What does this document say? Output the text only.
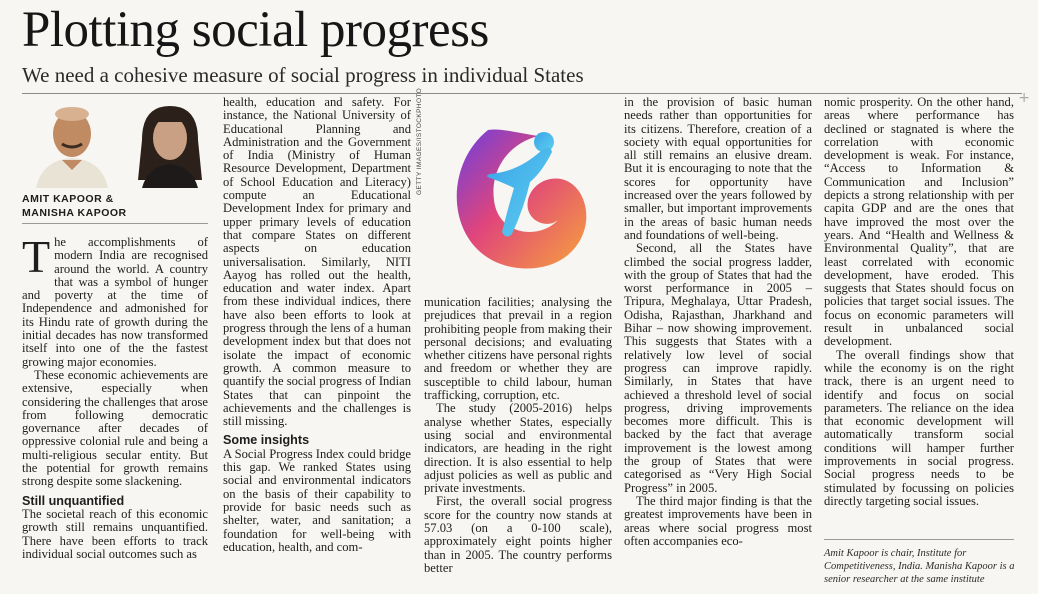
Plotting social progress
We need a cohesive measure of social progress in individual States
+
AMIT KAPOOR &
MANISHA KAPOOR
GETTY IMAGES/ISTOCKPHOTO

The accomplishments of modern India are recognised around the world. A country that was a symbol of hunger and poverty at the time of Independence and admonished for its Hindu rate of growth during the initial decades has now transformed itself into one of the the fastest growing major economies.

These economic achievements are extensive, especially when considering the challenges that arose from following democratic governance after decades of oppressive colonial rule and being a multi-religious secular entity. But the potential for growth remains strong despite some slackening.

Still unquantified

The societal reach of this economic growth still remains unquantified. There have been efforts to track individual social outcomes such as

health, education and safety. For instance, the National University of Educational Planning and Administration and the Government of India (Ministry of Human Resource Development, Department of School Education and Literacy) compute an Educational Development Index for primary and upper primary levels of education that compare States on different aspects on education universalisation. Similarly, NITI Aayog has rolled out the health, education and water index. Apart from these individual indices, there have also been efforts to look at progress through the lens of a human development index but that does not isolate the impact of economic growth. A common measure to quantify the social progress of Indian States that can pinpoint the achievements and the challenges is still missing.

Some insights

A Social Progress Index could bridge this gap. We ranked States using social and environmental indicators on the basis of their capability to provide for basic needs such as shelter, water, and sanitation; a foundation for well-being with education, health, and com-

munication facilities; analysing the prejudices that prevail in a region prohibiting people from making their personal decisions; and evaluating whether citizens have personal rights and freedom or whether they are susceptible to child labour, human trafficking, corruption, etc.

The study (2005-2016) helps analyse whether States, especially using social and environmental indicators, are heading in the right direction. It is also essential to help adjust policies as well as public and private investments.

First, the overall social progress score for the country now stands at 57.03 (on a 0-100 scale), approximately eight points higher than in 2005. The country performs better

in the provision of basic human needs rather than opportunities for its citizens. Therefore, creation of a society with equal opportunities for all still remains an elusive dream. But it is encouraging to note that the scores for opportunity have increased over the years followed by smaller, but important improvements in the areas of basic human needs and foundations of well-being.

Second, all the States have climbed the social progress ladder, with the group of States that had the worst performance in 2005 – Tripura, Meghalaya, Uttar Pradesh, Odisha, Rajasthan, Jharkhand and Bihar – now showing improvement. This suggests that States with a relatively low level of social progress can improve rapidly. Similarly, in States that have achieved a threshold level of social progress, driving improvements becomes more difficult. This is backed by the fact that average improvement is the lowest among the group of States that were categorised as “Very High Social Progress” in 2005.

The third major finding is that the greatest improvements have been in areas where social progress most often accompanies eco-

nomic prosperity. On the other hand, areas where performance has declined or stagnated is where the correlation with economic development is weak. For instance, “Access to Information & Communication and Inclusion” depicts a strong relationship with per capita GDP and are the ones that have improved the most over the years. And “Health and Wellness & Environmental Quality”, that are least correlated with economic development, have eroded. This suggests that States should focus on policies that target social issues. The focus on economic parameters will result in unbalanced social development.

The overall findings show that while the economy is on the right track, there is an urgent need to identify and focus on social parameters. The reliance on the idea that economic development will automatically transform social conditions will hamper further improvements in social progress. Social progress needs to be stimulated by focussing on policies directly targeting social issues.

Amit Kapoor is chair, Institute for Competitiveness, India. Manisha Kapoor is a senior researcher at the same institute
